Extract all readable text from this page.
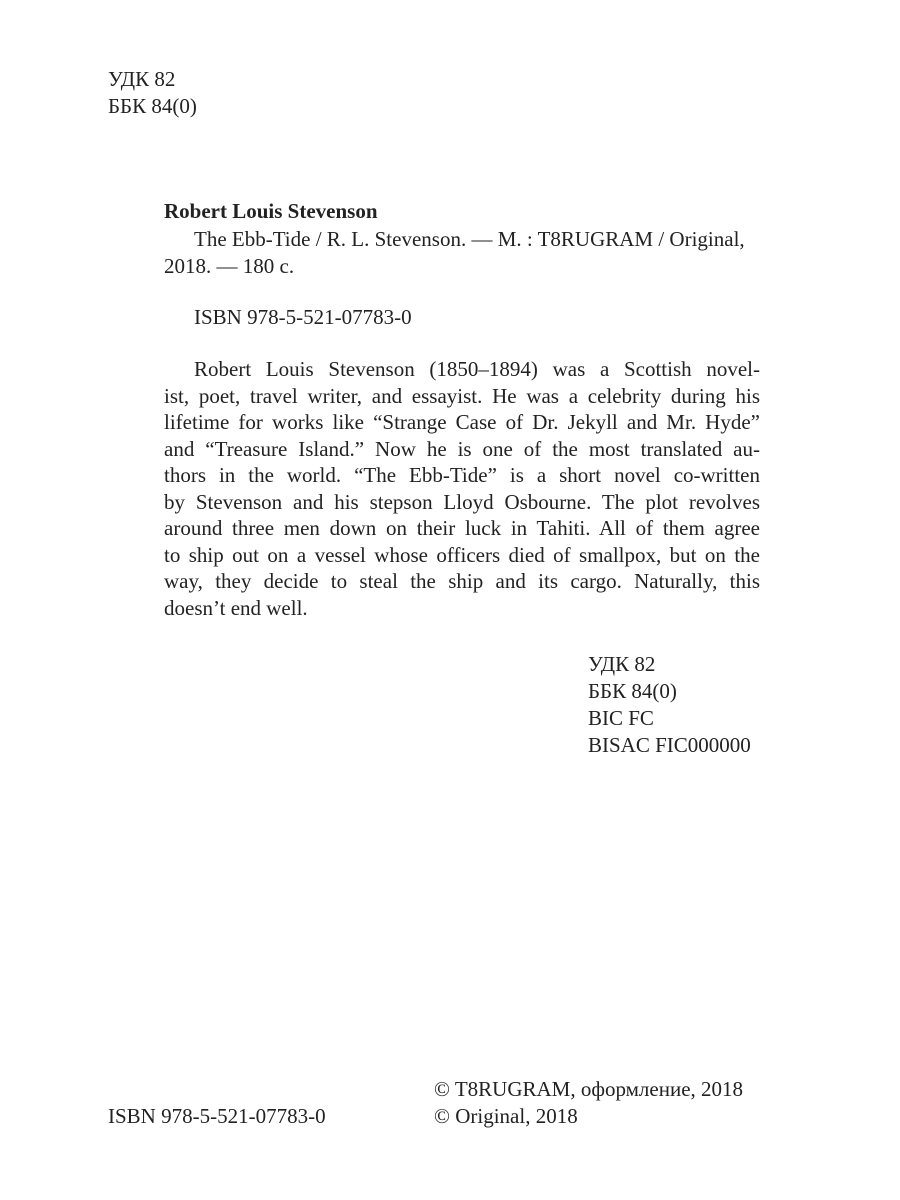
УДК 82
ББК 84(0)
Robert Louis Stevenson
The Ebb-Tide / R. L. Stevenson. — M. : T8RUGRAM / Original,
2018. — 180 c.
ISBN 978-5-521-07783-0
Robert Louis Stevenson (1850–1894) was a Scottish novel-
ist, poet, travel writer, and essayist. He was a celebrity during his
lifetime for works like “Strange Case of Dr. Jekyll and Mr. Hyde”
and “Treasure Island.” Now he is one of the most translated au-
thors in the world. “The Ebb-Tide” is a short novel co-written
by Stevenson and his stepson Lloyd Osbourne. The plot revolves
around three men down on their luck in Tahiti. All of them agree
to ship out on a vessel whose officers died of smallpox, but on the
way, they decide to steal the ship and its cargo. Naturally, this
doesn’t end well.
УДК 82
ББК 84(0)
BIC FC
BISAC FIC000000
ISBN 978-5-521-07783-0
© T8RUGRAM, оформление, 2018
© Original, 2018
